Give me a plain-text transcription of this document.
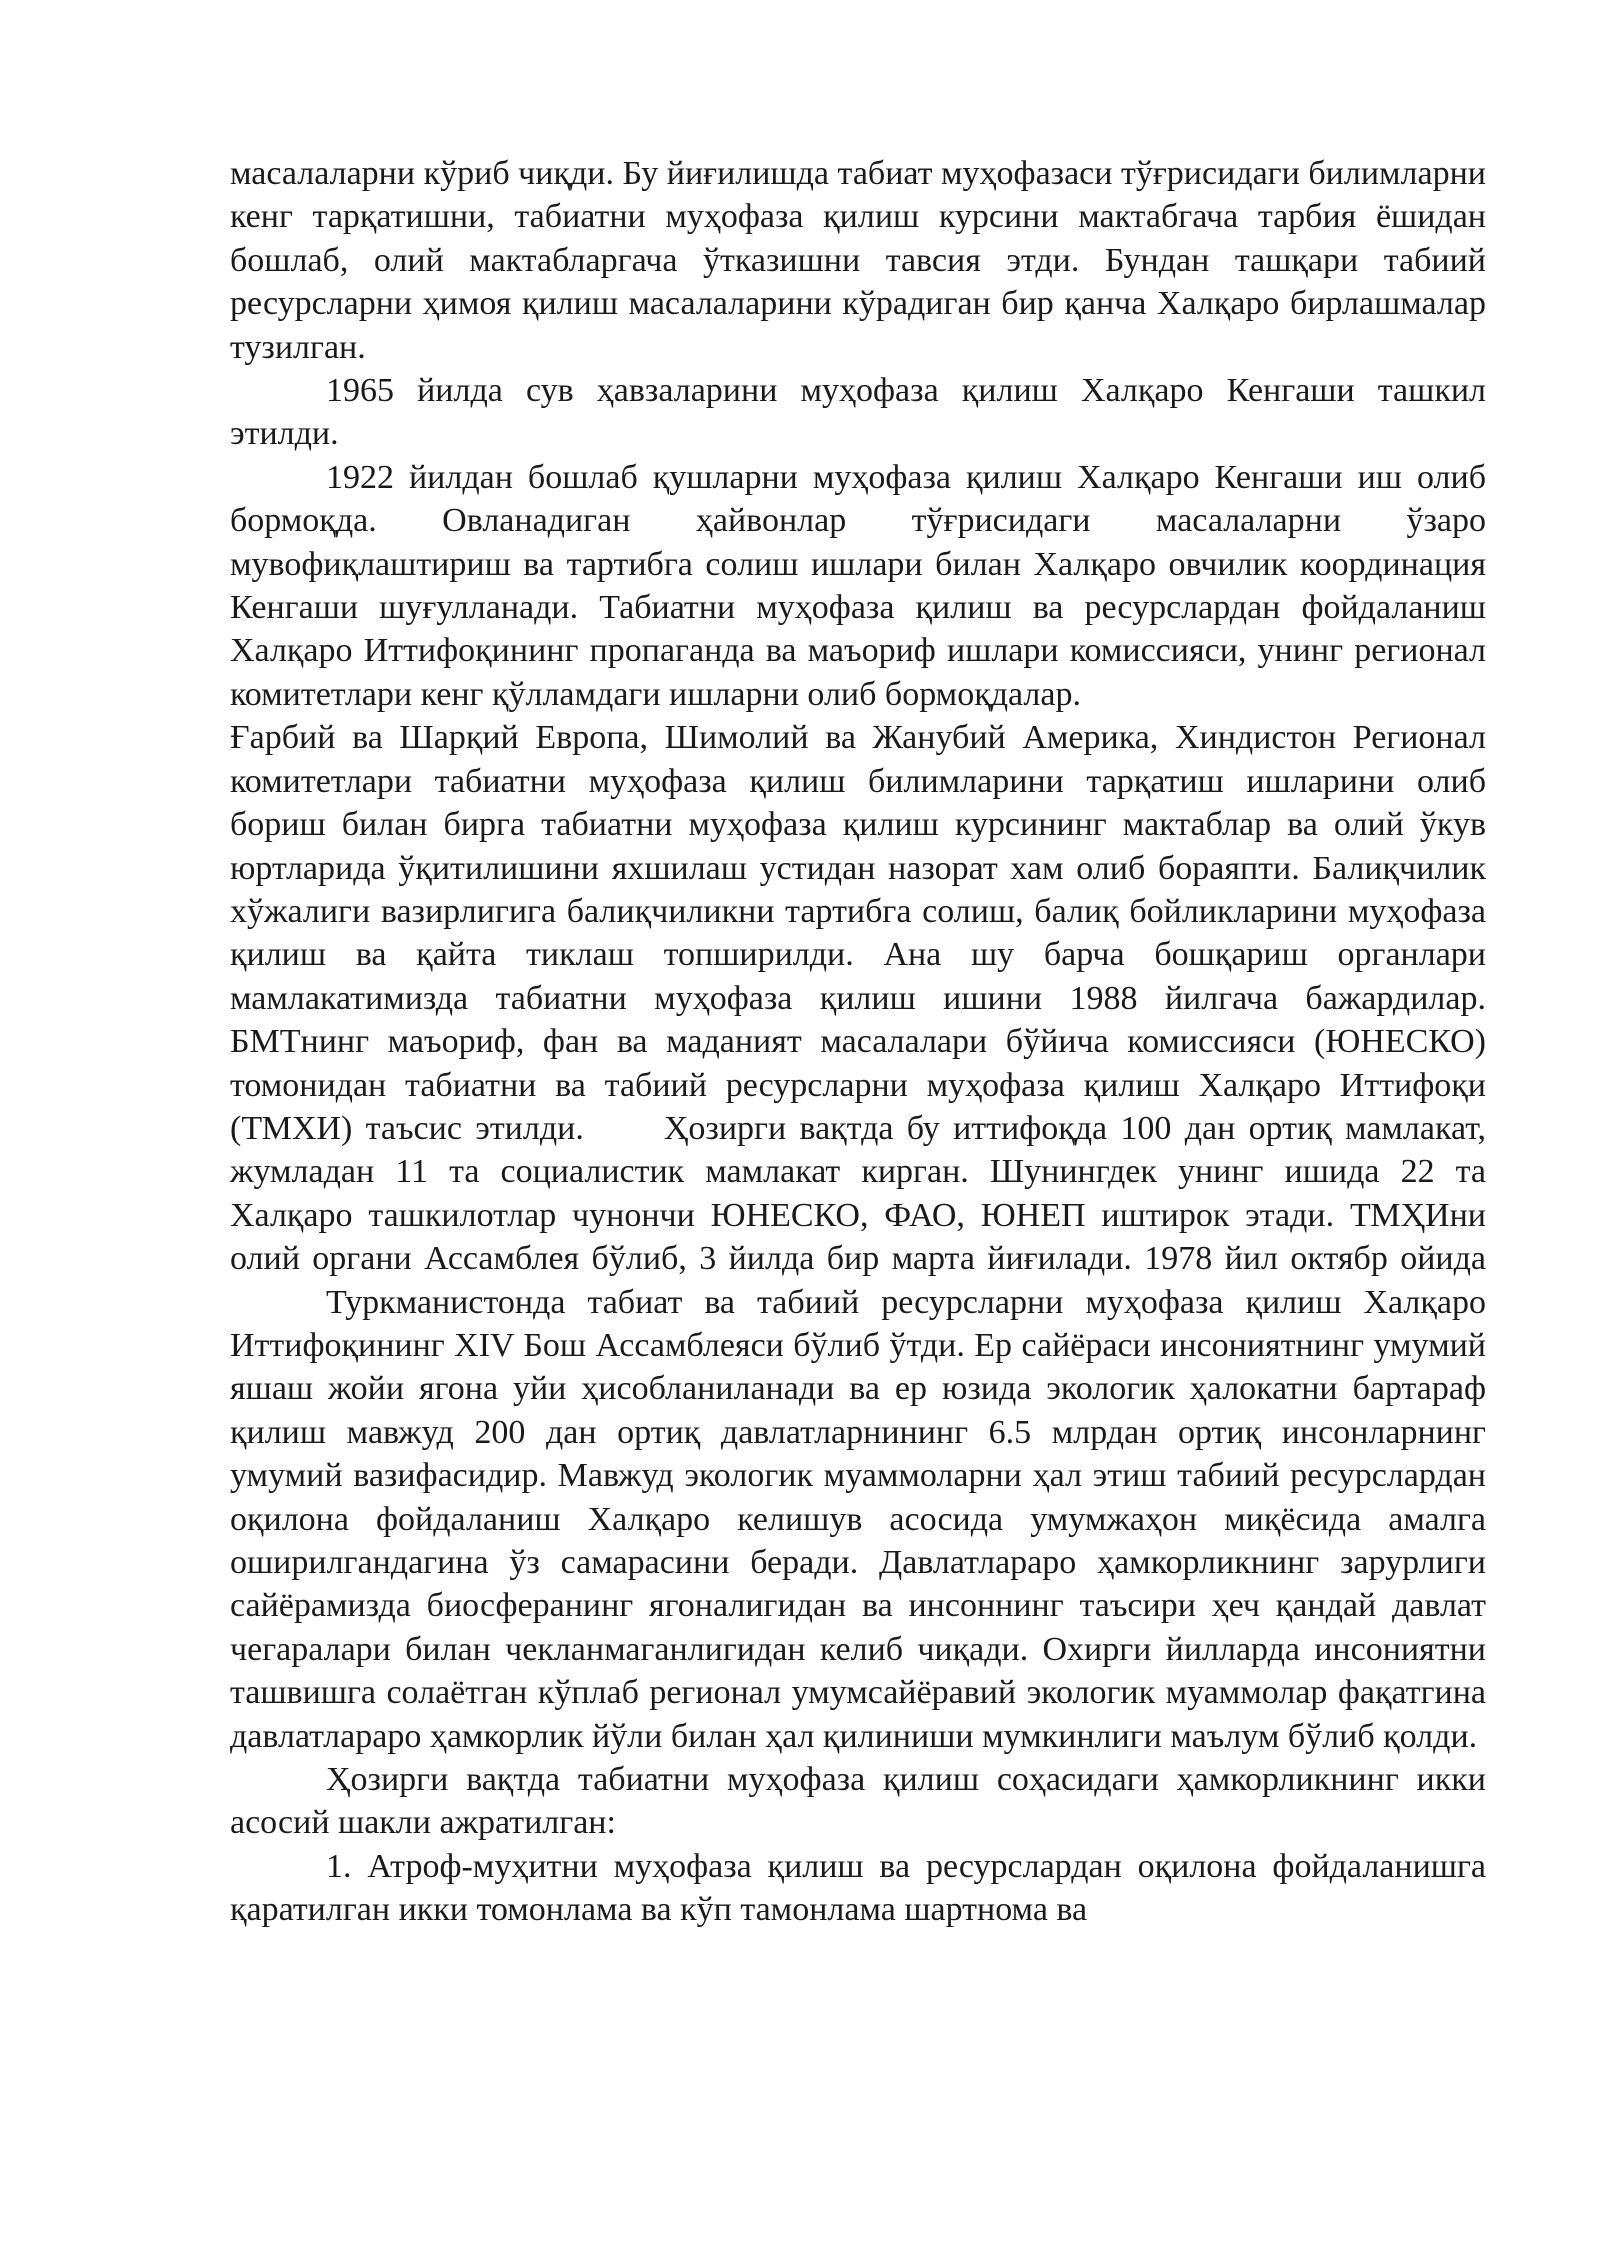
масалаларни кўриб чиқди. Бу йиғилишда табиат муҳофазаси тўғрисидаги билимларни кенг тарқатишни, табиатни муҳофаза қилиш курсини мактабгача тарбия ёшидан бошлаб, олий мактабларгача ўтказишни тавсия этди. Бундан ташқари табиий ресурсларни ҳимоя қилиш масалаларини кўрадиган бир қанча Халқаро бирлашмалар тузилган.

1965 йилда сув ҳавзаларини муҳофаза қилиш Халқаро Кенгаши ташкил этилди.

1922 йилдан бошлаб қушларни муҳофаза қилиш Халқаро Кенгаши иш олиб бормоқда. Овланадиган ҳайвонлар тўғрисидаги масалаларни ўзаро мувофиқлаштириш ва тартибга солиш ишлари билан Халқаро овчилик координация Кенгаши шуғулланади. Табиатни муҳофаза қилиш ва ресурслардан фойдаланиш Халқаро Иттифоқининг пропаганда ва маъориф ишлари комиссияси, унинг регионал комитетлари кенг қўлламдаги ишларни олиб бормоқдалар.

Ғарбий ва Шарқий Европа, Шимолий ва Жанубий Америка, Хиндистон Регионал комитетлари табиатни муҳофаза қилиш билимларини тарқатиш ишларини олиб бориш билан бирга табиатни муҳофаза қилиш курсининг мактаблар ва олий ўкув юртларида ўқитилишини яхшилаш устидан назорат хам олиб бораяпти. Балиқчилик хўжалиги вазирлигига балиқчиликни тартибга солиш, балиқ бойликларини муҳофаза қилиш ва қайта тиклаш топширилди. Ана шу барча бошқариш органлари мамлакатимизда табиатни муҳофаза қилиш ишини 1988 йилгача бажардилар. БМТнинг маъориф, фан ва маданият масалалари бўйича комиссияси (ЮНЕСКО) томонидан табиатни ва табиий ресурсларни муҳофаза қилиш Халқаро Иттифоқи (ТМХИ) таъсис этилди. Ҳозирги вақтда бу иттифоқда 100 дан ортиқ мамлакат, жумладан 11 та социалистик мамлакат кирган. Шунингдек унинг ишида 22 та Халқаро ташкилотлар чунончи ЮНЕСКО, ФАО, ЮНЕП иштирок этади. ТМҲИни олий органи Ассамблея бўлиб, 3 йилда бир марта йиғилади. 1978 йил октябр ойидаТуркманистонда табиат ва табиий ресурсларни муҳофаза қилиш Халқаро Иттифоқининг XIV Бош Ассамблеяси бўлиб ўтди. Ер сайёраси инсониятнинг умумий яшаш жойи ягона уйи ҳисобланиланади ва ер юзида экологик ҳалокатни бартараф қилиш мавжуд 200 дан ортиқ давлатларнининг 6.5 млрдан ортиқ инсонларнинг умумий вазифасидир. Мавжуд экологик муаммоларни ҳал этиш табиий ресурслардан оқилона фойдаланиш Халқаро келишув асосида умумжаҳон миқёсида амалга оширилгандагина ўз самарасини беради. Давлатлараро ҳамкорликнинг зарурлиги сайёрамизда биосферанинг ягоналигидан ва инсоннинг таъсири ҳеч қандай давлат чегаралари билан чекланмаганлигидан келиб чиқади. Охирги йилларда инсониятни ташвишга солаётган кўплаб регионал умумсайёравий экологик муаммолар фақатгина давлатлараро ҳамкорлик йўли билан ҳал қилиниши мумкинлиги маълум бўлиб қолди.

Ҳозирги вақтда табиатни муҳофаза қилиш соҳасидаги ҳамкорликнинг икки асосий шакли ажратилган:

1. Атроф-муҳитни муҳофаза қилиш ва ресурслардан оқилона фойдаланишга қаратилган икки томонлама ва кўп тамонлама шартнома ва
